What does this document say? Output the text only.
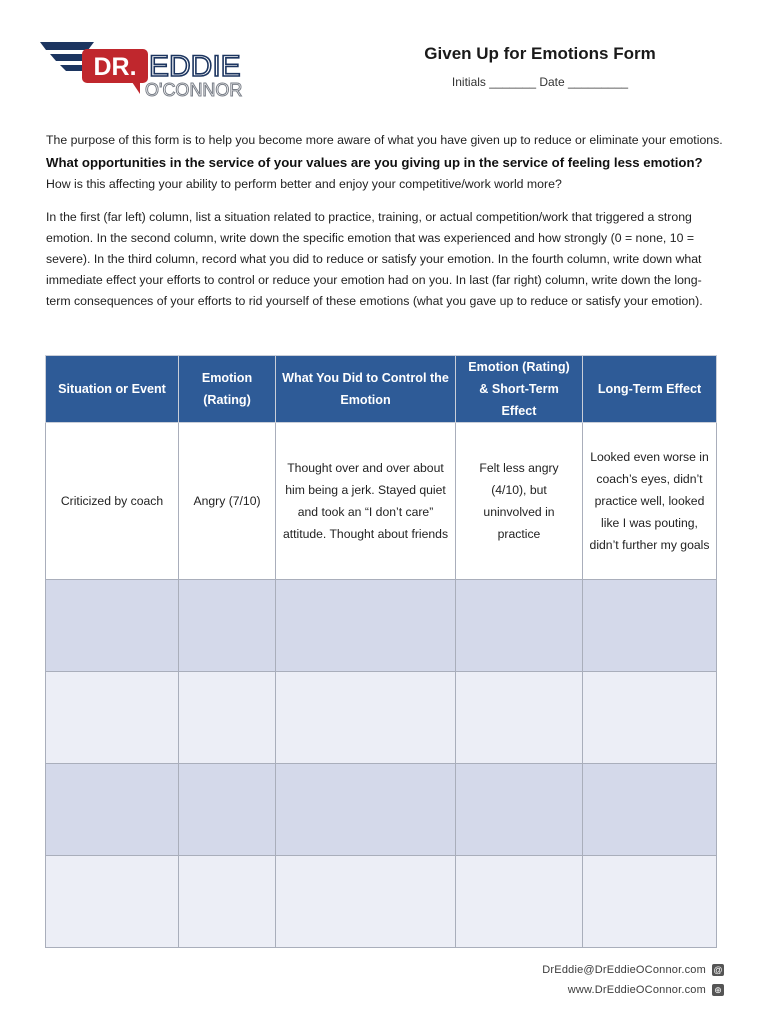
DR. EDDIE
O'CONNOR
Given Up for Emotions Form
Initials _______ Date _________
The purpose of this form is to help you become more aware of what you have given up to reduce or eliminate your emotions. What opportunities in the service of your values are you giving up in the service of feeling less emotion? How is this affecting your ability to perform better and enjoy your competitive/work world more?
In the first (far left) column, list a situation related to practice, training, or actual competition/work that triggered a strong emotion. In the second column, write down the specific emotion that was experienced and how strongly (0 = none, 10 = severe). In the third column, record what you did to reduce or satisfy your emotion. In the fourth column, write down what immediate effect your efforts to control or reduce your emotion had on you. In last (far right) column, write down the long-term consequences of your efforts to rid yourself of these emotions (what you gave up to reduce or satisfy your emotion).
Situation or Event	Emotion (Rating)	What You Did to Control the Emotion	Emotion (Rating) & Short-Term Effect	Long-Term Effect
Criticized by coach	Angry (7/10)	Thought over and over about him being a jerk. Stayed quiet and took an “I don’t care” attitude. Thought about friends	Felt less angry (4/10), but uninvolved in practice	Looked even worse in coach’s eyes, didn’t practice well, looked like I was pouting, didn’t further my goals

DrEddie@DrEddieOConnor.com @
www.DrEddieOConnor.com ⊕
